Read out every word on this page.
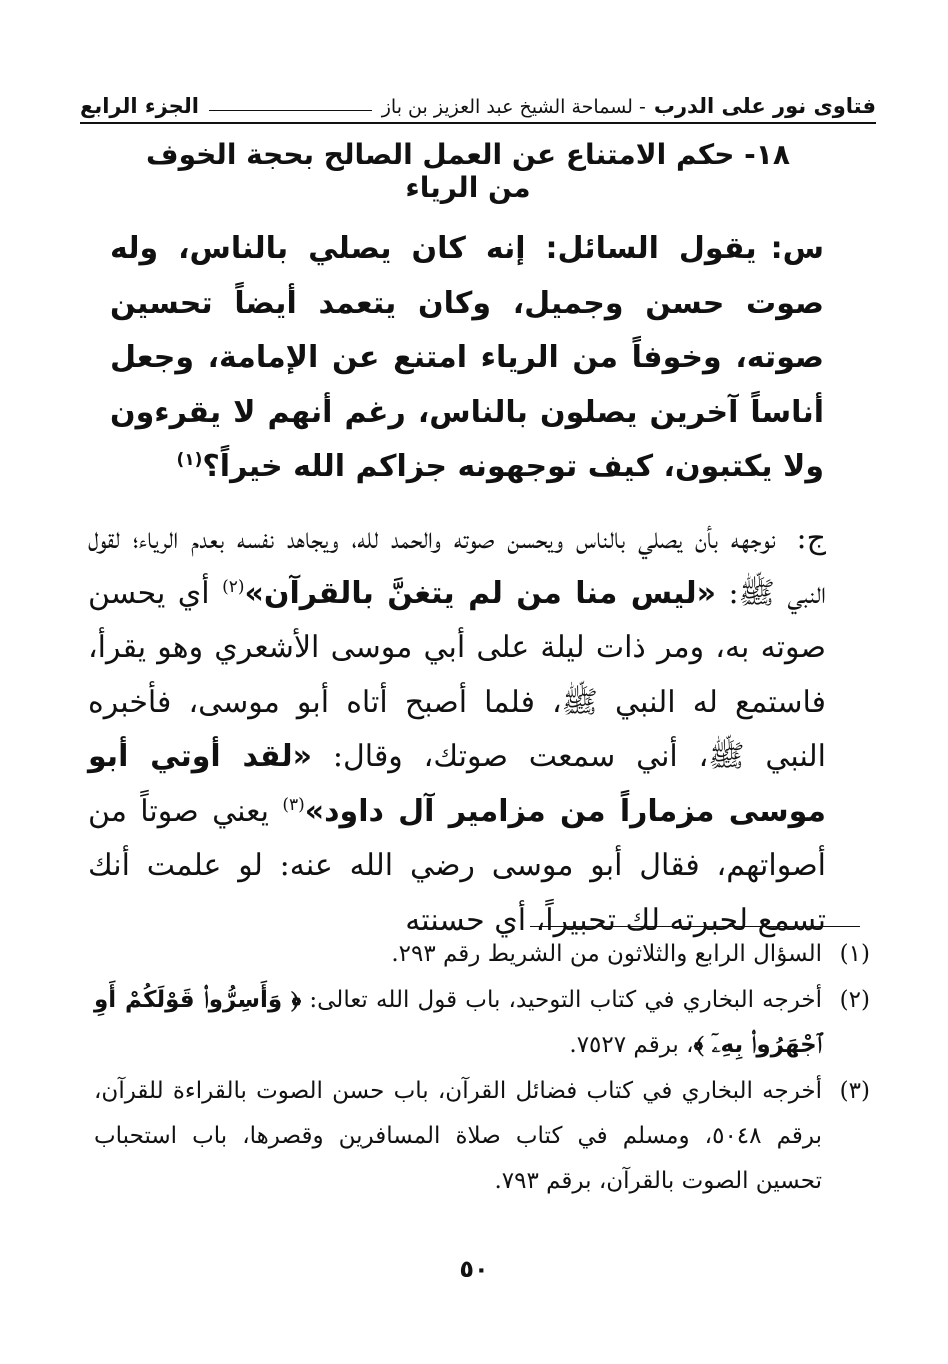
فتاوى نور على الدرب
- لسماحة الشيخ عبد العزيز بن باز
الجزء الرابع
١٨- حكم الامتناع عن العمل الصالح بحجة الخوف من الرياء
س:يقول السائل: إنه كان يصلي بالناس، وله صوت حسن وجميل، وكان يتعمد أيضاً تحسين صوته، وخوفاً من الرياء امتنع عن الإمامة، وجعل أناساً آخرين يصلون بالناس، رغم أنهم لا يقرءون ولا يكتبون، كيف توجهونه جزاكم الله خيراً؟$^{(١)}$
ج: نوجهه بأن يصلي بالناس ويحسن صوته والحمد لله، ويجاهد نفسه بعدم الرياء؛ لقول النبي ﷺ: «ليس منا من لم يتغنَّ بالقرآن»$^{(٢)}$ أي يحسن صوته به، ومر ذات ليلة على أبي موسى الأشعري وهو يقرأ، فاستمع له النبي ﷺ، فلما أصبح أتاه أبو موسى، فأخبره النبي ﷺ، أني سمعت صوتك، وقال: «لقد أوتي أبو موسى مزماراً من مزامير آل داود»$^{(٣)}$ يعني صوتاً من أصواتهم، فقال أبو موسى رضي الله عنه: لو علمت أنك تسمع لحبرته لك تحبيراً، أي حسنته
(١)
السؤال الرابع والثلاثون من الشريط رقم ٢٩٣.
(٢)
أخرجه البخاري في كتاب التوحيد، باب قول الله تعالى: ﴿ وَأَسِرُّوا۟ قَوْلَكُمْ أَوِ ٱجْهَرُوا۟ بِهِۦٓ ﴾، برقم ٧٥٢٧.
(٣)
أخرجه البخاري في كتاب فضائل القرآن، باب حسن الصوت بالقراءة للقرآن، برقم ٥٠٤٨، ومسلم في كتاب صلاة المسافرين وقصرها، باب استحباب تحسين الصوت بالقرآن، برقم ٧٩٣.
٥٠
